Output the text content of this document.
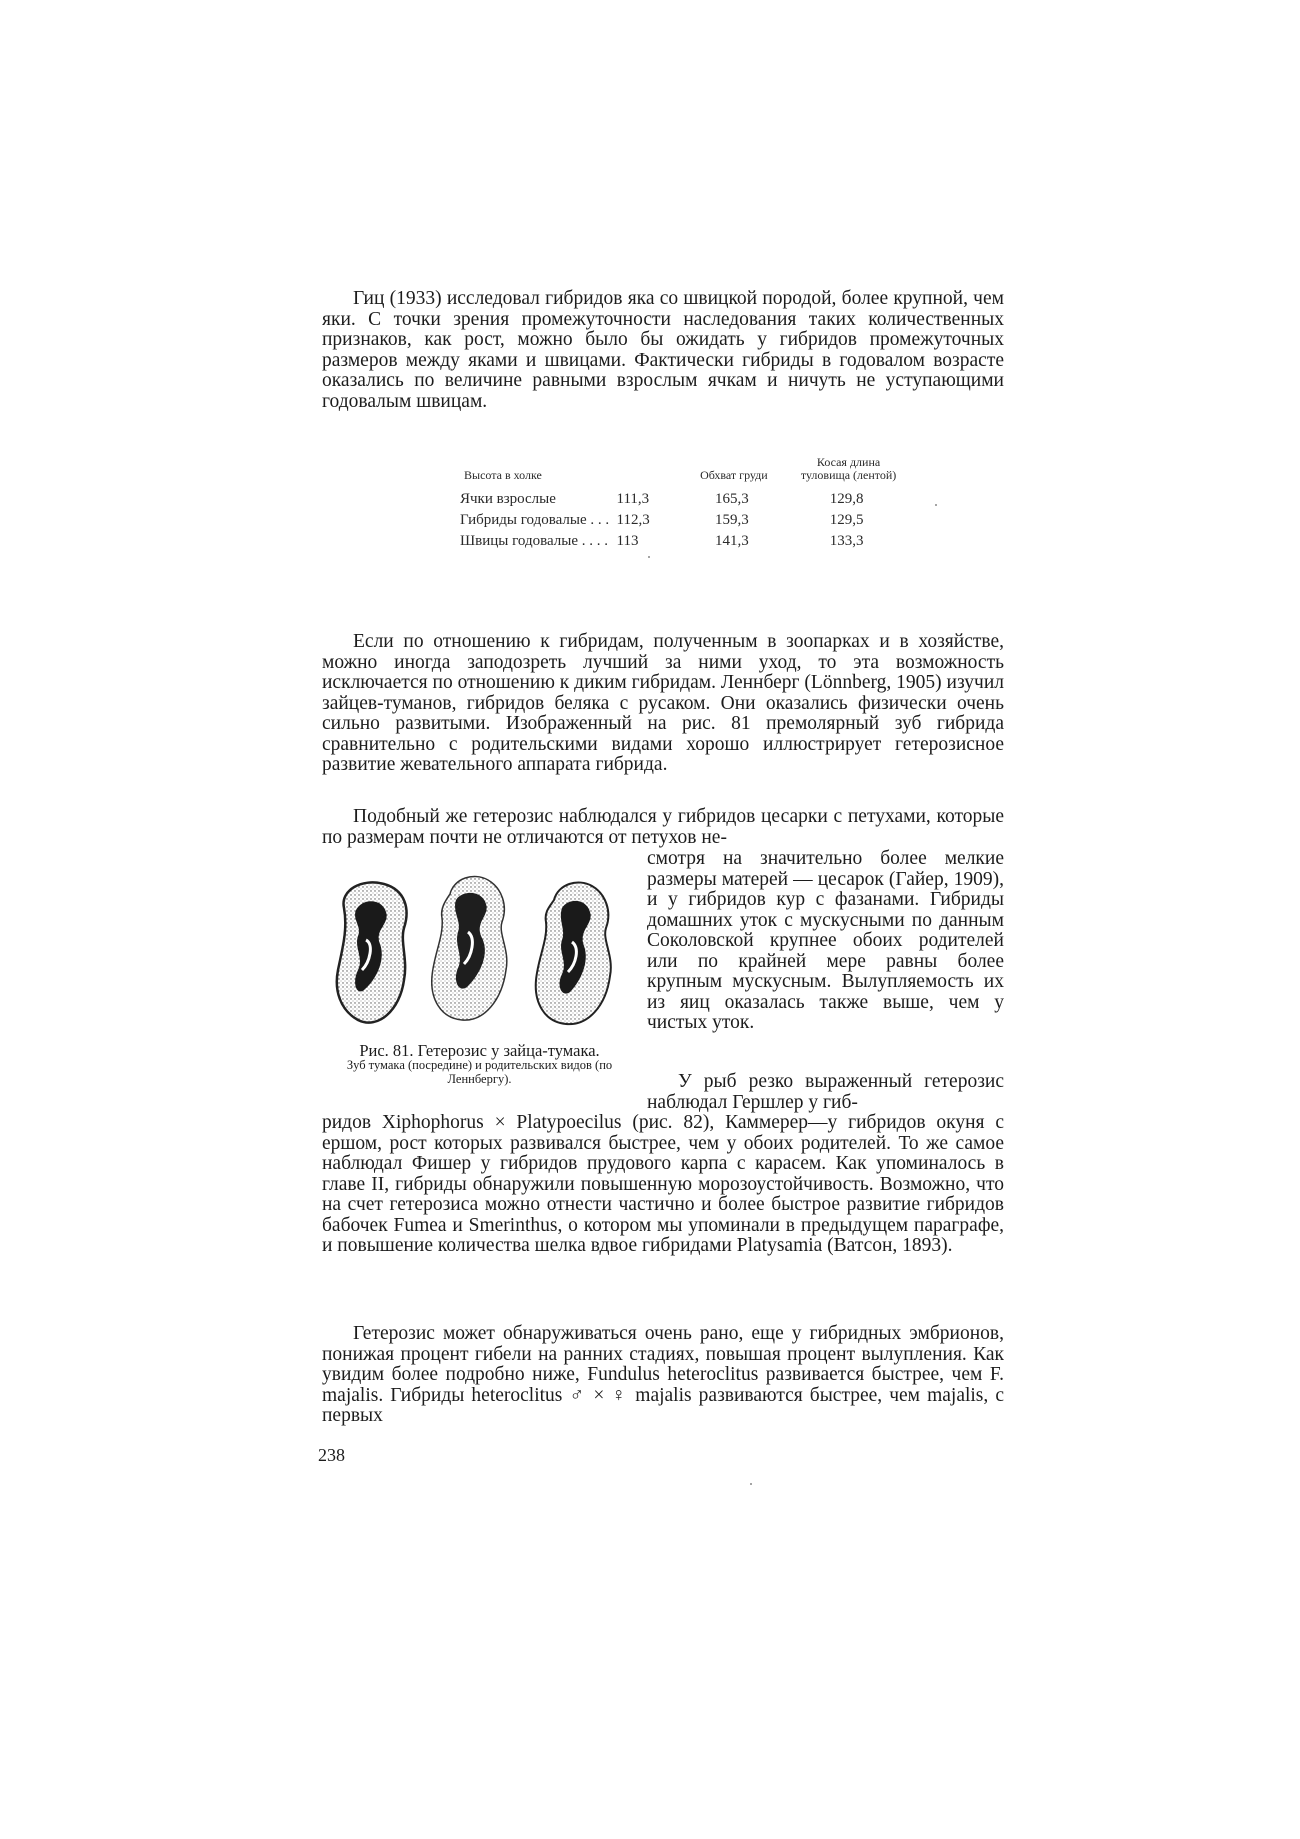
Гиц (1933) исследовал гибридов яка со швицкой породой, более крупной, чем яки. С точки зрения промежуточности наследования таких количественных признаков, как рост, можно было бы ожидать у гибридов промежуточных размеров между яками и швицами. Фактически гибриды в годовалом возрасте оказались по величине равными взрослым ячкам и ничуть не уступающими годовалым швицам.

Высота в холке		Обхват груди	Косая длина туловища (лентой)
Ячки взрослые	111,3	165,3	129,8
Гибриды годовалые . . .	112,3	159,3	129,5
Швицы годовалые . . . .	113	141,3	133,3

Если по отношению к гибридам, полученным в зоопарках и в хозяйстве, можно иногда заподозреть лучший за ними уход, то эта возможность исключается по отношению к диким гибридам. Леннберг (Lönnberg, 1905) изучил зайцев-туманов, гибридов беляка с русаком. Они оказались физически очень сильно развитыми. Изображенный на рис. 81 премолярный зуб гибрида сравнительно с родительскими видами хорошо иллюстрирует гетерозисное развитие жевательного аппарата гибрида.

Подобный же гетерозис наблюдался у гибридов цесарки с петухами, которые по размерам почти не отличаются от петухов не-

Рис. 81. Гетерозис у зайца-тумака.
Зуб тумака (посредине) и родительских видов (по Леннбергу).

смотря на значительно более мелкие размеры матерей — цесарок (Гайер, 1909), и у гибридов кур с фазанами. Гибриды домашних уток с мускусными по данным Соколовской крупнее обоих родителей или по крайней мере равны более крупным мускусным. Вылупляемость их из яиц оказалась также выше, чем у чистых уток.

У рыб резко выраженный гетерозис наблюдал Гершлер у гиб-

ридов Xiphophorus × Platypoecilus (рис. 82), Каммерер—у гибридов окуня с ершом, рост которых развивался быстрее, чем у обоих родителей. То же самое наблюдал Фишер у гибридов прудового карпа с карасем. Как упоминалось в главе II, гибриды обнаружили повышенную морозоустойчивость. Возможно, что на счет гетерозиса можно отнести частично и более быстрое развитие гибридов бабочек Fumea и Smerinthus, о котором мы упоминали в предыдущем параграфе, и повышение количества шелка вдвое гибридами Platysamia (Ватсон, 1893).

Гетерозис может обнаруживаться очень рано, еще у гибридных эмбрионов, понижая процент гибели на ранних стадиях, повышая процент вылупления. Как увидим более подробно ниже, Fundulus heteroclitus развивается быстрее, чем F. majalis. Гибриды heteroclitus ♂ × ♀ majalis развиваются быстрее, чем majalis, с первых

238
